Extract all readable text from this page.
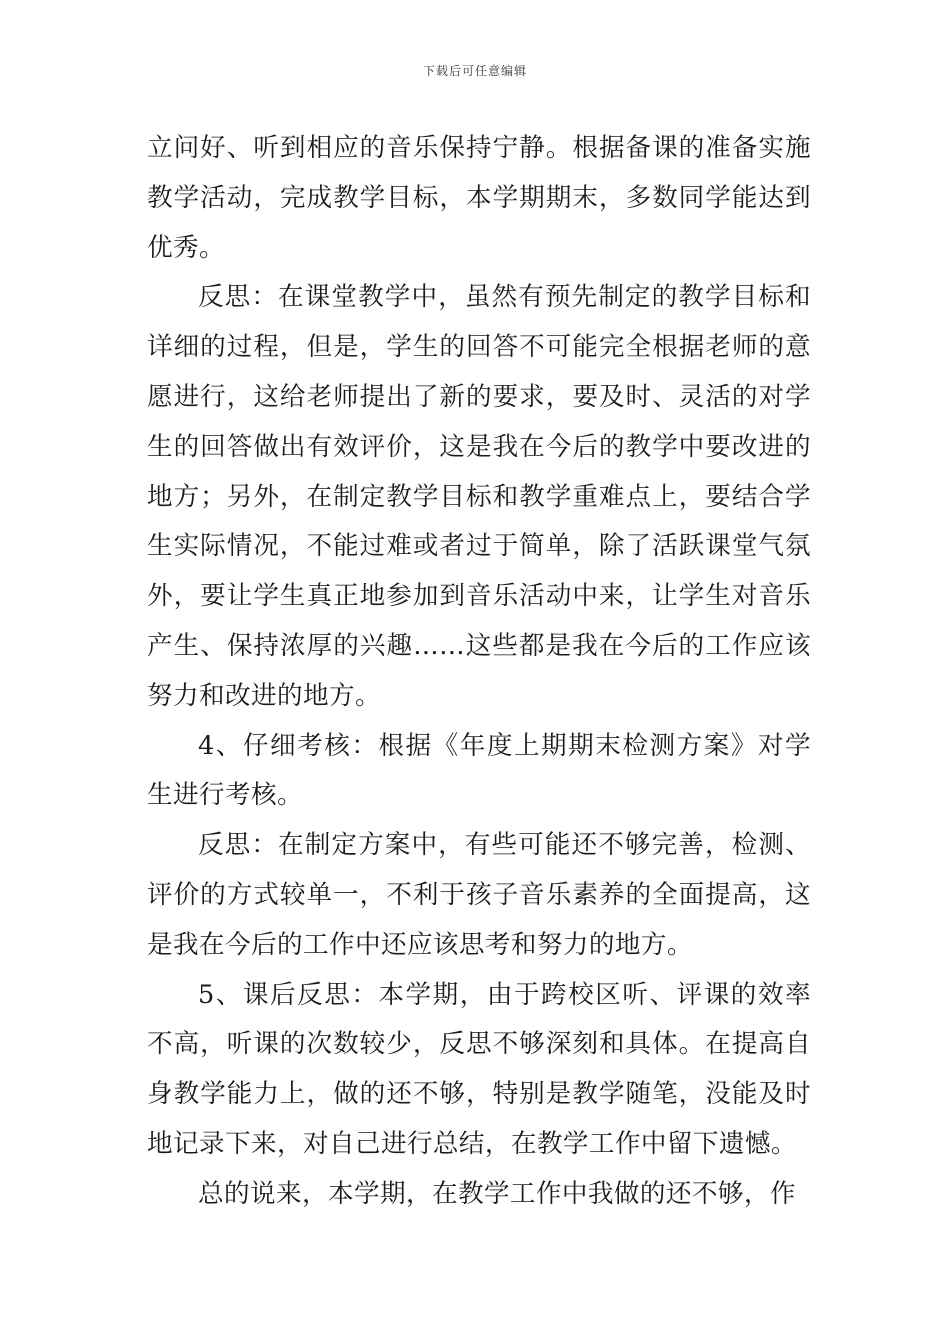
下载后可任意编辑

立问好、听到相应的音乐保持宁静。根据备课的准备实施教学活动，完成教学目标，本学期期末，多数同学能达到优秀。

反思：在课堂教学中，虽然有预先制定的教学目标和详细的过程，但是，学生的回答不可能完全根据老师的意愿进行，这给老师提出了新的要求，要及时、灵活的对学生的回答做出有效评价，这是我在今后的教学中要改进的地方；另外，在制定教学目标和教学重难点上，要结合学生实际情况，不能过难或者过于简单，除了活跃课堂气氛外，要让学生真正地参加到音乐活动中来，让学生对音乐产生、保持浓厚的兴趣……这些都是我在今后的工作应该努力和改进的地方。

4、仔细考核：根据《年度上期期末检测方案》对学生进行考核。

反思：在制定方案中，有些可能还不够完善，检测、评价的方式较单一，不利于孩子音乐素养的全面提高，这是我在今后的工作中还应该思考和努力的地方。

5、课后反思：本学期，由于跨校区听、评课的效率不高，听课的次数较少，反思不够深刻和具体。在提高自身教学能力上，做的还不够，特别是教学随笔，没能及时地记录下来，对自己进行总结，在教学工作中留下遗憾。

总的说来，本学期，在教学工作中我做的还不够，作
